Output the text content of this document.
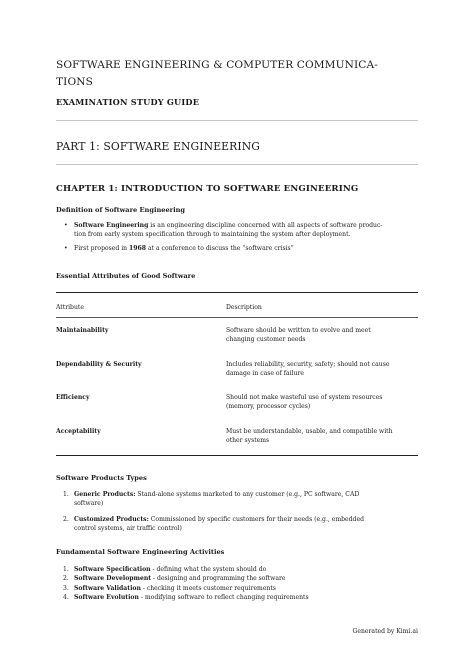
SOFTWARE ENGINEERING & COMPUTER COMMUNICA-
TIONS
EXAMINATION STUDY GUIDE
PART 1: SOFTWARE ENGINEERING
CHAPTER 1: INTRODUCTION TO SOFTWARE ENGINEERING
Definition of Software Engineering
• Software Engineering is an engineering discipline concerned with all aspects of software produc-
tion from early system specification through to maintaining the system after deployment.
• First proposed in 1968 at a conference to discuss the “software crisis”
Essential Attributes of Good Software
Attribute	Description
Maintainability	Software should be written to evolve and meet
changing customer needs
Dependability & Security	Includes reliability, security, safety; should not cause
damage in case of failure
Efficiency	Should not make wasteful use of system resources
(memory, processor cycles)
Acceptability	Must be understandable, usable, and compatible with
other systems
Software Products Types
1. Generic Products: Stand-alone systems marketed to any customer (e.g., PC software, CAD
software)
2. Customized Products: Commissioned by specific customers for their needs (e.g., embedded
control systems, air traffic control)
Fundamental Software Engineering Activities
1. Software Specification - defining what the system should do
2. Software Development - designing and programming the software
3. Software Validation - checking it meets customer requirements
4. Software Evolution - modifying software to reflect changing requirements
Generated by Kimi.ai
